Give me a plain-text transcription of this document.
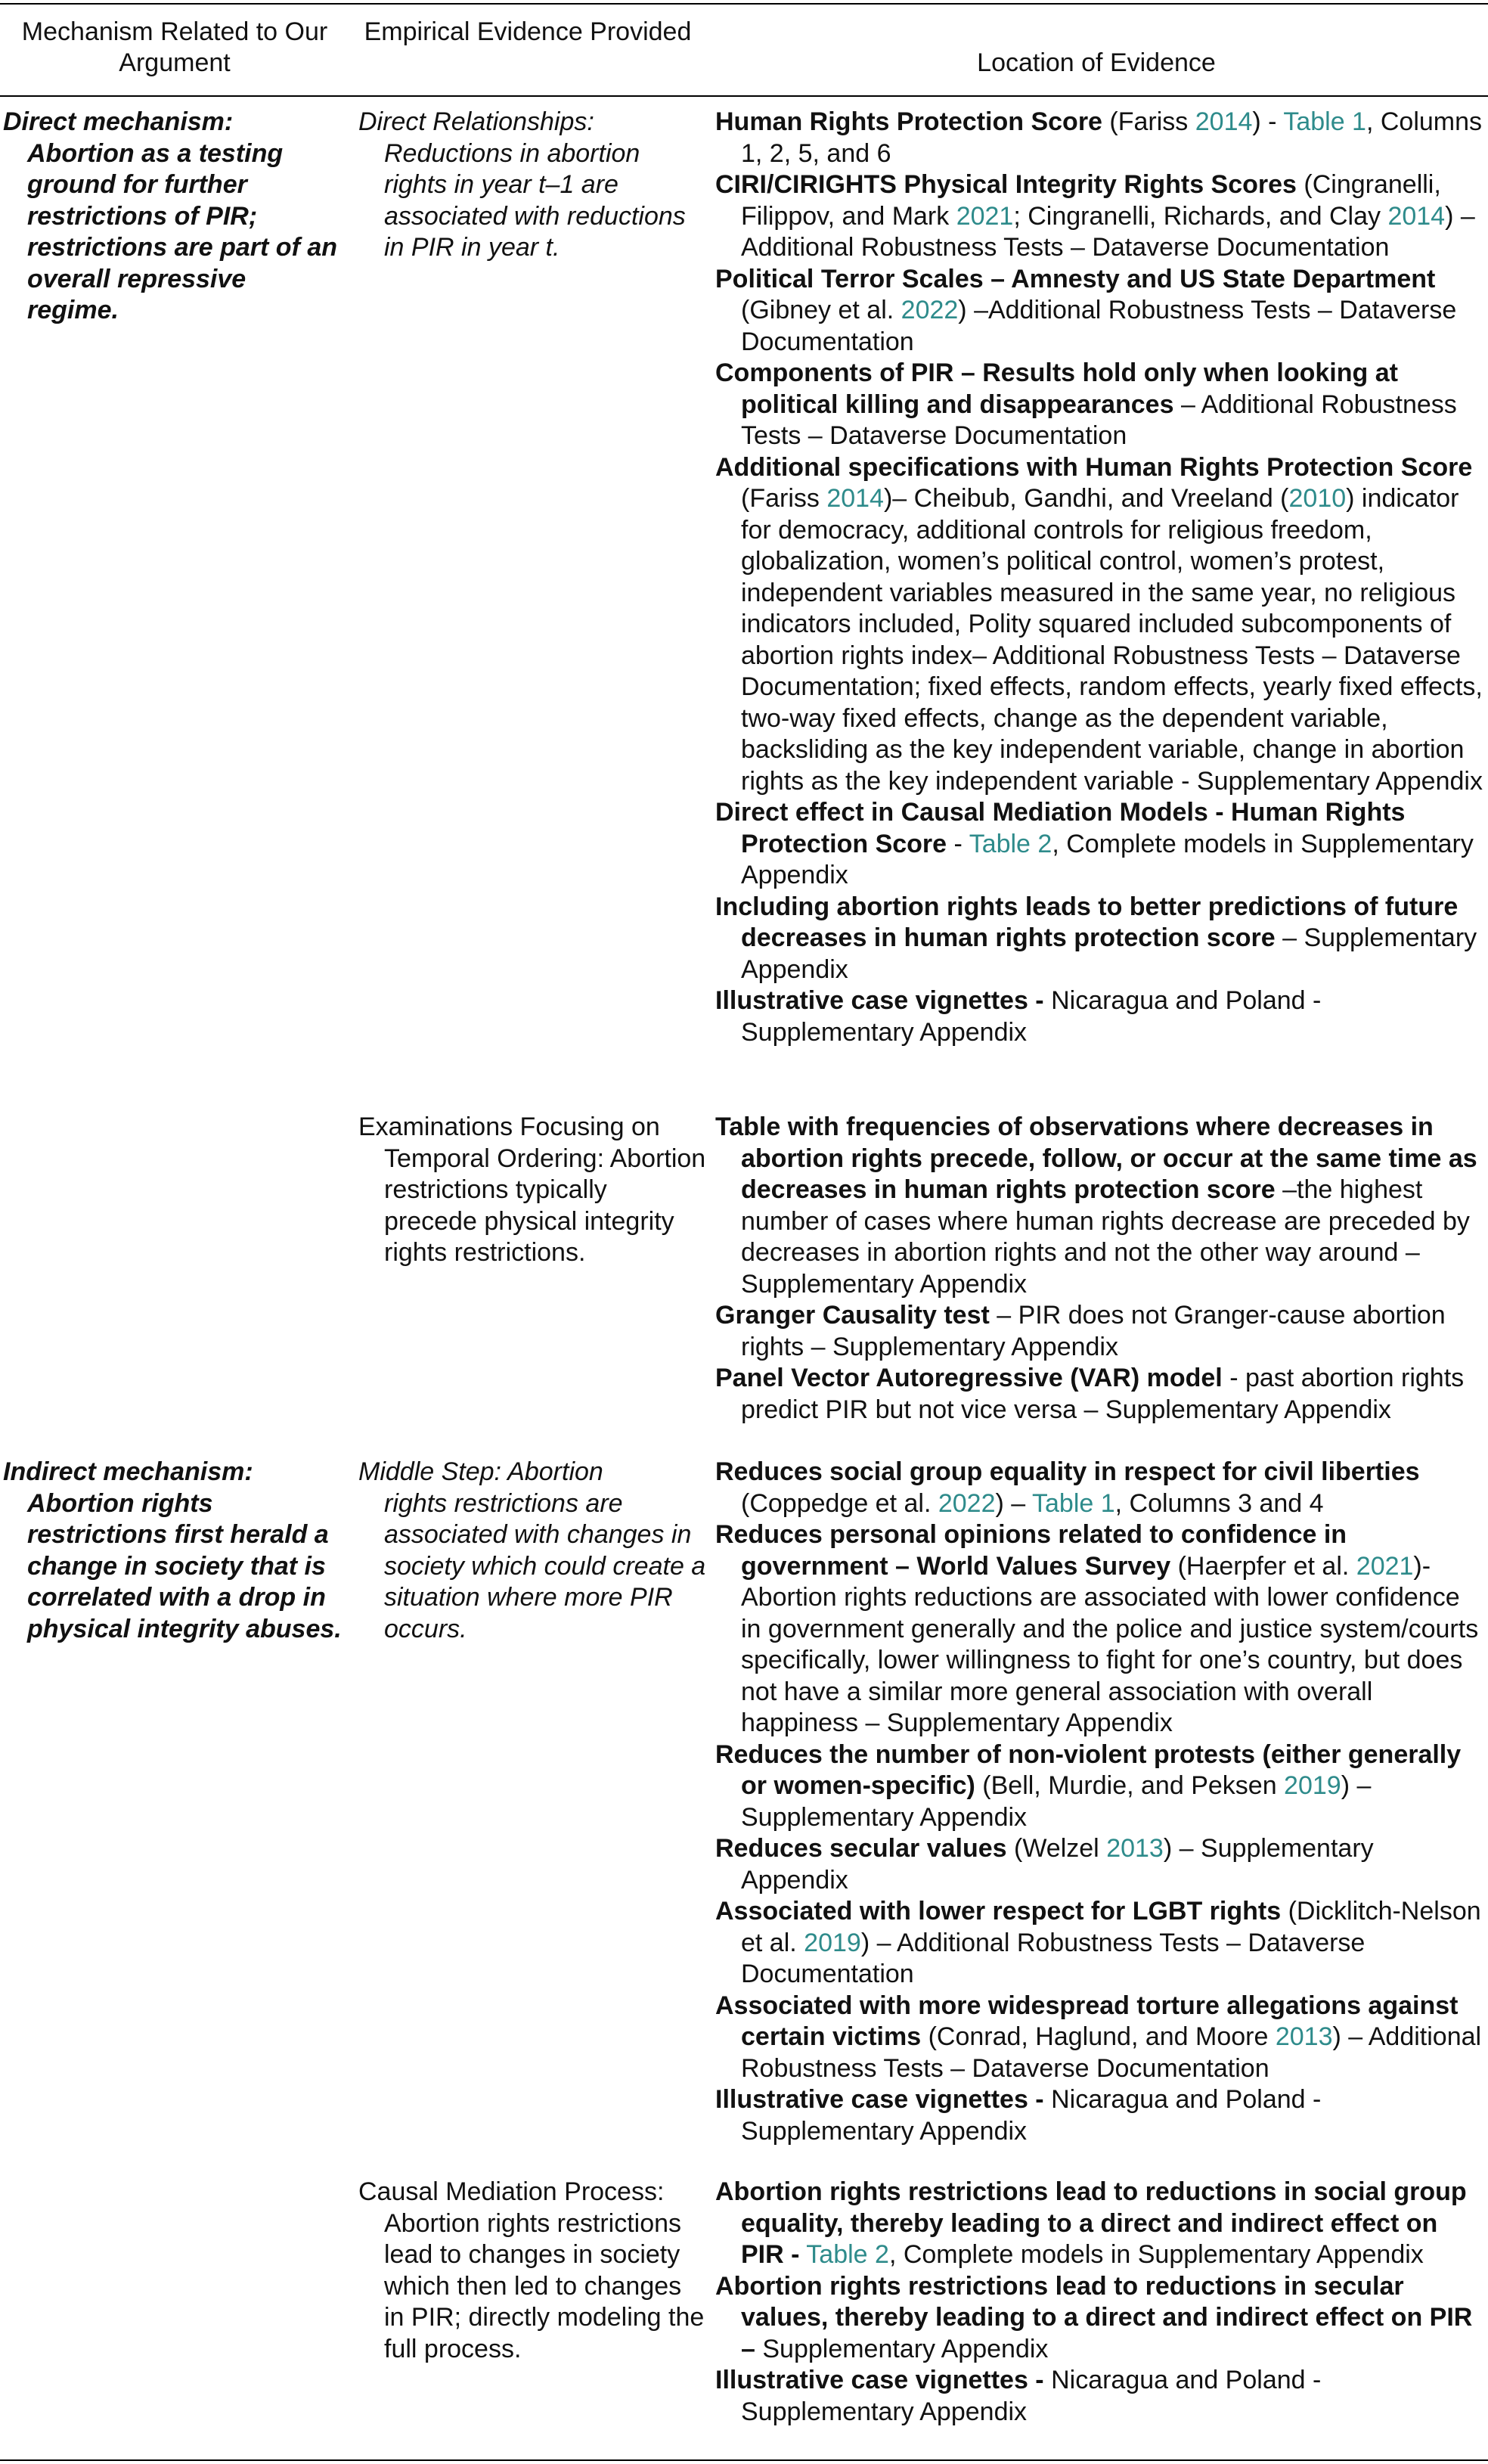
Mechanism Related to Our Argument
Empirical Evidence Provided
Location of Evidence
Direct mechanism:
Abortion as a testing ground for further restrictions of PIR; restrictions are part of an overall repressive regime.
Direct Relationships:
Reductions in abortion rights in year t–1 are associated with reductions in PIR in year t.

Human Rights Protection Score (Fariss 2014) - Table 1, Columns 1, 2, 5, and 6

CIRI/CIRIGHTS Physical Integrity Rights Scores (Cingranelli, Filippov, and Mark 2021; Cingranelli, Richards, and Clay 2014) –Additional Robustness Tests – Dataverse Documentation

Political Terror Scales – Amnesty and US State Department (Gibney et al. 2022) –Additional Robustness Tests – Dataverse Documentation

Components of PIR – Results hold only when looking at political killing and disappearances – Additional Robustness Tests – Dataverse Documentation

Additional specifications with Human Rights Protection Score (Fariss 2014)– Cheibub, Gandhi, and Vreeland (2010) indicator for democracy, additional controls for religious freedom, globalization, women’s political control, women’s protest, independent variables measured in the same year, no religious indicators included, Polity squared included subcomponents of abortion rights index– Additional Robustness Tests – Dataverse Documentation; fixed effects, random effects, yearly fixed effects, two-way fixed effects, change as the dependent variable, backsliding as the key independent variable, change in abortion rights as the key independent variable - Supplementary Appendix

Direct effect in Causal Mediation Models - Human Rights Protection Score - Table 2, Complete models in Supplementary Appendix

Including abortion rights leads to better predictions of future decreases in human rights protection score – Supplementary Appendix

Illustrative case vignettes - Nicaragua and Poland - Supplementary Appendix

Examinations Focusing on
Temporal Ordering: Abortion restrictions typically precede physical integrity rights restrictions.

Table with frequencies of observations where decreases in abortion rights precede, follow, or occur at the same time as decreases in human rights protection score –the highest number of cases where human rights decrease are preceded by decreases in abortion rights and not the other way around – Supplementary Appendix

Granger Causality test – PIR does not Granger-cause abortion rights – Supplementary Appendix

Panel Vector Autoregressive (VAR) model - past abortion rights predict PIR but not vice versa – Supplementary Appendix

Indirect mechanism:
Abortion rights restrictions first herald a change in society that is correlated with a drop in physical integrity abuses.
Middle Step: Abortion
rights restrictions are associated with changes in society which could create a situation where more PIR occurs.

Reduces social group equality in respect for civil liberties (Coppedge et al. 2022) – Table 1, Columns 3 and 4

Reduces personal opinions related to confidence in government – World Values Survey (Haerpfer et al. 2021)- Abortion rights reductions are associated with lower confidence in government generally and the police and justice system/courts specifically, lower willingness to fight for one’s country, but does not have a similar more general association with overall happiness – Supplementary Appendix

Reduces the number of non-violent protests (either generally or women-specific) (Bell, Murdie, and Peksen 2019) – Supplementary Appendix

Reduces secular values (Welzel 2013) – Supplementary Appendix

Associated with lower respect for LGBT rights (Dicklitch-Nelson et al. 2019) – Additional Robustness Tests – Dataverse Documentation

Associated with more widespread torture allegations against certain victims (Conrad, Haglund, and Moore 2013) – Additional Robustness Tests – Dataverse Documentation

Illustrative case vignettes - Nicaragua and Poland - Supplementary Appendix

Causal Mediation Process:
Abortion rights restrictions lead to changes in society which then led to changes in PIR; directly modeling the full process.

Abortion rights restrictions lead to reductions in social group equality, thereby leading to a direct and indirect effect on PIR - Table 2, Complete models in Supplementary Appendix

Abortion rights restrictions lead to reductions in secular values, thereby leading to a direct and indirect effect on PIR – Supplementary Appendix

Illustrative case vignettes - Nicaragua and Poland - Supplementary Appendix
